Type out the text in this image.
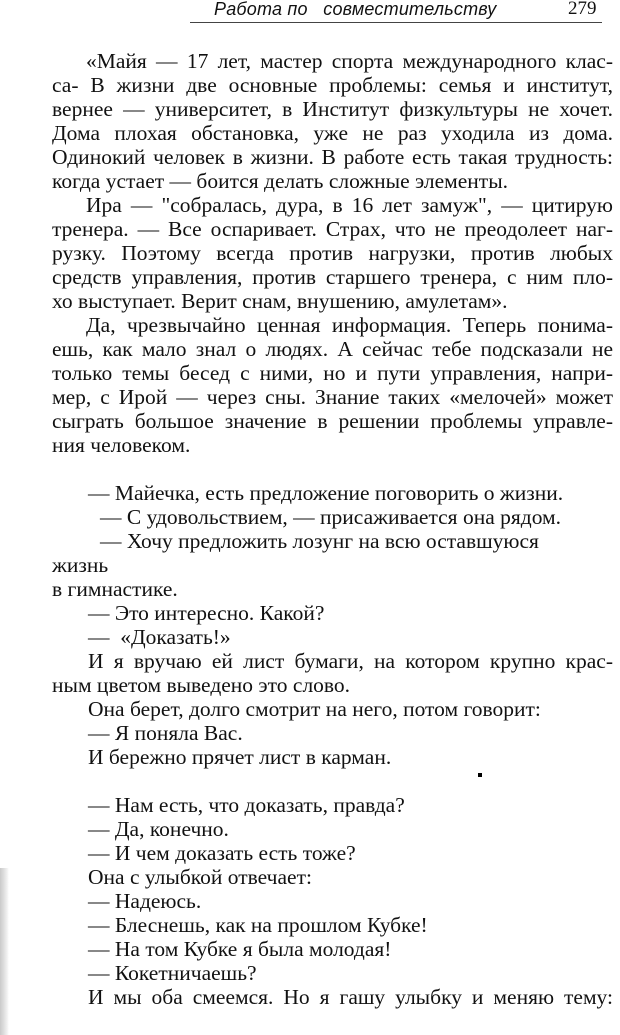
Работа по   совместительству	279
«Майя — 17 лет, мастер спорта международного клас-
са- В жизни две основные проблемы: семья и институт,
вернее — университет, в Институт физкультуры не хочет.
Дома плохая обстановка, уже не раз уходила из дома.
Одинокий человек в жизни. В работе есть такая трудность:
когда устает — боится делать сложные элементы.
Ира — "собралась, дура, в 16 лет замуж", — цитирую
тренера. — Все оспаривает. Страх, что не преодолеет наг-
рузку. Поэтому всегда против нагрузки, против любых
средств управления, против старшего тренера, с ним пло-
хо выступает. Верит снам, внушению, амулетам».
Да, чрезвычайно ценная информация. Теперь понима-
ешь, как мало знал о людях. А сейчас тебе подсказали не
только темы бесед с ними, но и пути управления, напри-
мер, с Ирой — через сны. Знание таких «мелочей» может
сыграть большое значение в решении проблемы управле-
ния человеком.
— Майечка, есть предложение поговорить о жизни.
— С удовольствием, — присаживается она рядом.
— Хочу предложить лозунг на всю оставшуюся
жизнь
в гимнастике.
— Это интересно. Какой?
—  «Доказать!»
И я вручаю ей лист бумаги, на котором крупно крас-
ным цветом выведено это слово.
Она берет, долго смотрит на него, потом говорит:
— Я поняла Вас.
И бережно прячет лист в карман.
— Нам есть, что доказать, правда?
— Да, конечно.
— И чем доказать есть тоже?
Она с улыбкой отвечает:
— Надеюсь.
— Блеснешь, как на прошлом Кубке!
— На том Кубке я была молодая!
— Кокетничаешь?
И мы оба смеемся. Но я гашу улыбку и меняю тему:
